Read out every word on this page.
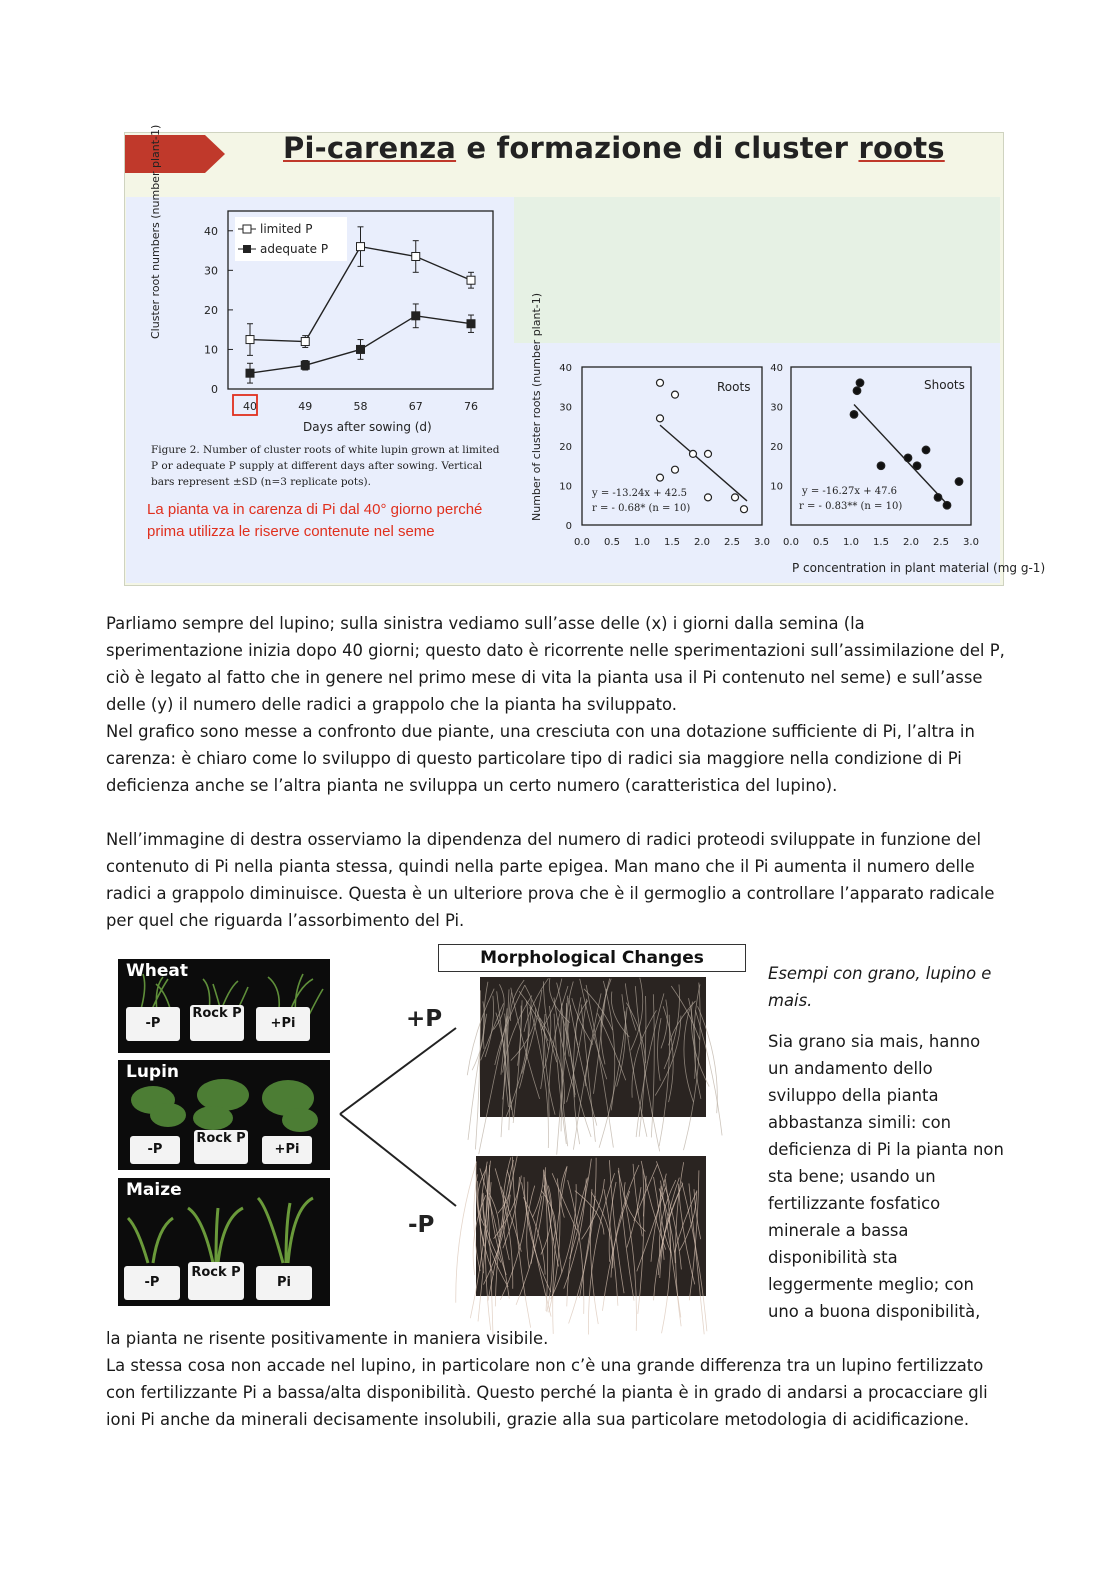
Pi-carenza e formazione di cluster roots
Cluster root numbers (number plant-1)
0
10
20
30
40
40	49	58	67	76
Days after sowing (d)
limited P
adequate P
Figure 2. Number of cluster roots of white lupin grown at limited P or adequate P supply at different days after sowing. Vertical bars represent ±SD (n=3 replicate pots).
La pianta va in carenza di Pi dal 40° giorno perché prima utilizza le riserve contenute nel seme
Number of cluster roots (number plant-1)	Roots	Shoots
0
10
20
30
40
0.0 0.5 1.0 1.5 2.0 2.5 3.0
10
20
30
40
0.0 0.5 1.0 1.5 2.0 2.5 3.0
y = -13.24x + 42.5
r = - 0.68* (n = 10)
y = -16.27x + 47.6
r = - 0.83** (n = 10)
P concentration in plant material (mg g-1)

Parliamo sempre del lupino; sulla sinistra vediamo sull’asse delle (x) i giorni dalla semina (la sperimentazione inizia dopo 40 giorni; questo dato è ricorrente nelle sperimentazioni sull’assimilazione del P, ciò è legato al fatto che in genere nel primo mese di vita la pianta usa il Pi contenuto nel seme) e sull’asse delle (y) il numero delle radici a grappolo che la pianta ha sviluppato.

Nel grafico sono messe a confronto due piante, una cresciuta con una dotazione sufficiente di Pi, l’altra in carenza: è chiaro come lo sviluppo di questo particolare tipo di radici sia maggiore nella condizione di Pi deficienza anche se l’altra pianta ne sviluppa un certo numero (caratteristica del lupino).

Nell’immagine di destra osserviamo la dipendenza del numero di radici proteodi sviluppate in funzione del contenuto di Pi nella pianta stessa, quindi nella parte epigea. Man mano che il Pi aumenta il numero delle radici a grappolo diminuisce. Questa è un ulteriore prova che è il germoglio a controllare l’apparato radicale per quel che riguarda l’assorbimento del Pi.

Wheat
-P
Rock P
+Pi
Lupin
-P
Rock P
+Pi
Maize
-P
Rock P
Pi
Morphological Changes
+P
-P
Esempi con grano, lupino e mais.
Sia grano sia mais, hanno un andamento dello sviluppo della pianta abbastanza simili: con deficienza di Pi la pianta non sta bene; usando un fertilizzante fosfatico minerale a bassa disponibilità sta leggermente meglio; con uno a buona disponibilità,

la pianta ne risente positivamente in maniera visibile.

La stessa cosa non accade nel lupino, in particolare non c’è una grande differenza tra un lupino fertilizzato con fertilizzante Pi a bassa/alta disponibilità. Questo perché la pianta è in grado di andarsi a procacciare gli ioni Pi anche da minerali decisamente insolubili, grazie alla sua particolare metodologia di acidificazione.
